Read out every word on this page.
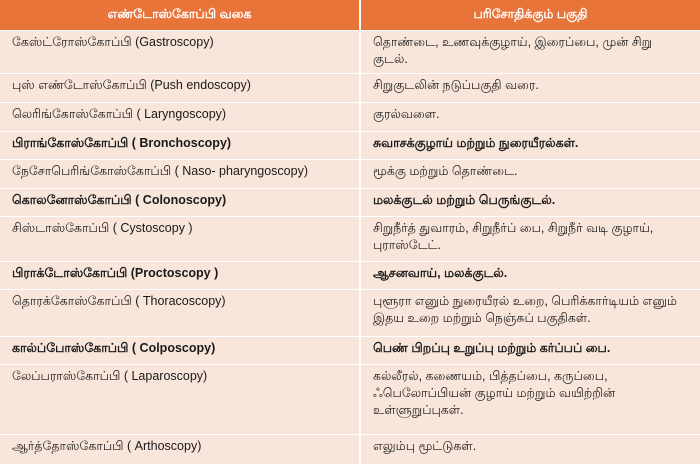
எண்டோஸ்கோப்பி வகை	பரிசோதிக்கும் பகுதி
கேஸ்ட்ரோஸ்கோப்பி (Gastroscopy)	தொண்டை, உணவுக்குழாய், இரைப்பை, முன் சிறு குடல்.
புஸ் எண்டோஸ்கோப்பி (Push endoscopy)	சிறுகுடலின் நடுப்பகுதி வரை.
லெரிங்கோஸ்கோப்பி ( Laryngoscopy)	குரல்வளை.
பிராங்கோஸ்கோப்பி ( Bronchoscopy)	சுவாசக்குழாய் மற்றும் நுரையீரல்கள்.
நேசோபெரிங்கோஸ்கோப்பி ( Naso- pharyngoscopy)	மூக்கு மற்றும் தொண்டை.
கொலனோஸ்கோப்பி ( Colonoscopy)	மலக்குடல் மற்றும் பெருங்குடல்.
சிஸ்டாஸ்கோப்பி ( Cystoscopy )	சிறுநீர்த் துவாரம், சிறுநீர்ப் பை, சிறுநீர் வடி குழாய், புராஸ்டேட்.
பிராக்டோஸ்கோப்பி (Proctoscopy )	ஆசனவாய், மலக்குடல்.
தொரக்கோஸ்கோப்பி ( Thoracoscopy)	புளூரா எனும் நுரையீரல் உறை, பெரிக்கார்டியம் எனும் இதய உறை மற்றும் நெஞ்சுப் பகுதிகள்.
கால்ப்போஸ்கோப்பி ( Colposcopy)	பெண் பிறப்பு உறுப்பு மற்றும் கர்ப்பப் பை.
லேப்பராஸ்கோப்பி ( Laparoscopy)	கல்லீரல், கணையம், பித்தப்பை, கருப்பை, ஃபெலோப்பியன் குழாய் மற்றும் வயிற்றின் உள்ளுறுப்புகள்.
ஆர்த்தோஸ்கோப்பி ( Arthoscopy)	எலும்பு மூட்டுகள்.
